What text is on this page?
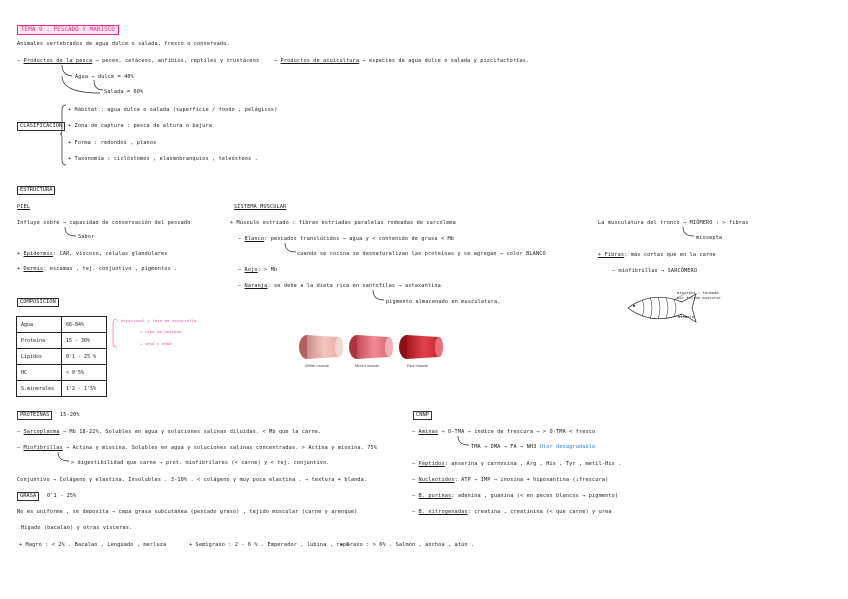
TEMA 9 : PESCADO Y MARISCO
Animales vertebrados de agua dulce o salada, fresco o conservado.
— Productos de la pesca → peces, cetáceos, anfibios, reptiles y crustáceos	— Productos de acuicultura → especies de agua dulce o salada y piscifactorías.
Agua → dulce = 40%
Salada = 60%
CLASIFICACIÓN
+ Hábitat : agua dulce o salada (superficie / fondo , pelágicos)
+ Zona de captura : pesca de altura o bajura
+ Forma : redondos , planos
+ Taxonomía : ciclóstomos , elasmobranquios , teleósteos .
ESTRUCTURA
PIEL
Influye sobre → capacidad de conservación del pescado
Sabor
+ Epidermis: CAR, viscoso, células glandulares
+ Dermis: escamas , tej. conjuntivo , pigmentos .
SISTEMA MUSCULAR
+ Músculo estriado : fibras estriadas paralelas rodeadas de sarcolema
— Blanco: pescados translúcidos → agua y < contenido de grasa < Mb
cuando se cocina se desnaturalizan las proteínas y se agregan → color BLANCO
— Rojo: > Mb
— Naranja: se debe a la dieta rica en xantofilas → astaxantina
pigmento almacenado en musculatura.
La musculatura del tronco → MIÓMERO : > fibras
miosepta
+ Fibras: más cortas que en la carne
— miofibrillas → SARCÓMERO
miosepta : formada por tejido muscular
miómero
COMPOSICIÓN
Agua	66-84%
Proteína	15 - 30%
Lípidos	0'1 - 25 %
HC	< 0'5%
S.minerales	1'2 - 1'5%
+ estacional y fase de desarrollo
+ tipo de pescado
+ sexo y edad
White muscle	Mixed muscle	Red muscle
PROTEINAS	15-20%
— Sarcoplasma → Mb 18-22%. Solubles en agua y soluciones salinas diluidas. < Mb que la carne.
— Miofibrillas → Actina y miosina. Solubles en agua y soluciones salinas concentradas. > Actina y miosina. 75%
> digestibilidad que carne → prot. miofibrilares (< carne) y < tej. conjuntivo.
Conjuntivo → Colágeno y elastina. Insolubles . 3-10% . < colágeno y muy poca elastina . → textura + blanda.
GRASA	0'1 - 25%
No es uniforme , se deposita → capa grasa subcutánea (pescado graso) , tejido muscular (carne y arenque)
Hígado (bacalao) y otras vísceras.
+ Magro : < 2% . Bacalao , Lenguado , merluza	+ Semigraso : 2 - 6 % . Emperador , lubina , rape
+ Graso : > 6% . Salmón , anchoa , atún .
CNNP
— Aminas → O-TMA → índice de frescura → > O-TMA < fresco
TMA → DMA → FA → NH3 Olor desagradable
— Péptidos: anserina y carnosina , Arg , His , Tyr , metil-His .
— Nucleótidos: ATP → IMP → inosina + hipoxantina (↓frescura)
— B. purinas: adenina , guanina (< en peces blancos → pigmento)
— B. nitrogenadas: creatina , creatinina (< que carne) y urea
